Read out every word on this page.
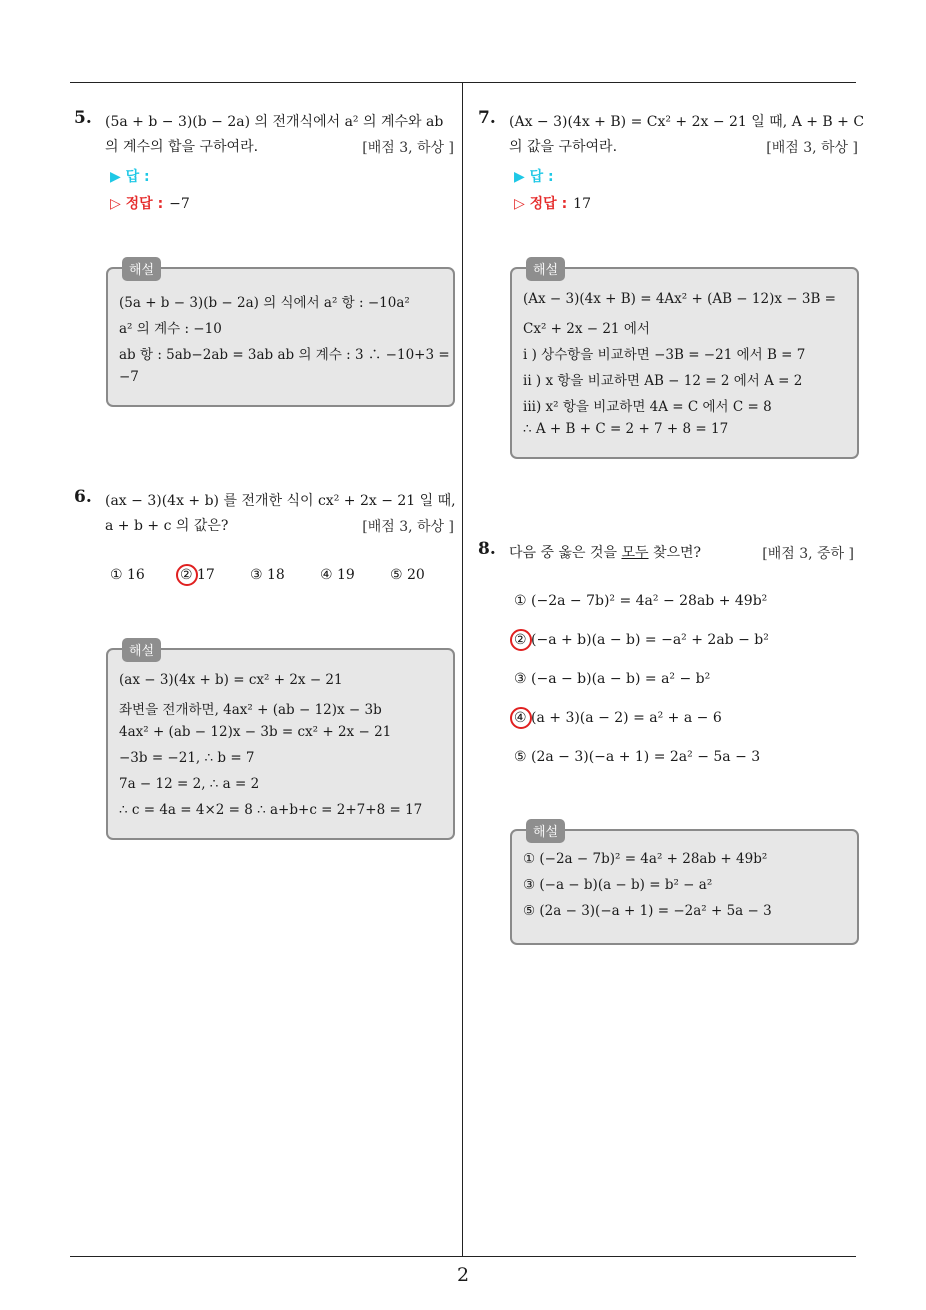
2
5. (5a + b − 3)(b − 2a) 의 전개식에서 a² 의 계수와 ab
의 계수의 합을 구하여라.	[배점 3, 하상 ]
▶ 답 :
▷ 정답 : −7
해설
(5a + b − 3)(b − 2a) 의 식에서 a² 항 : −10a²
a² 의 계수 : −10
ab 항 : 5ab−2ab = 3ab ab 의 계수 : 3 ∴ −10+3 =
−7
6. (ax − 3)(4x + b) 를 전개한 식이 cx² + 2x − 21 일 때,
a + b + c 의 값은?	[배점 3, 하상 ]
① 16	② 17	③ 18	④ 19	⑤ 20
해설
(ax − 3)(4x + b) = cx² + 2x − 21
좌변을 전개하면, 4ax² + (ab − 12)x − 3b
4ax² + (ab − 12)x − 3b = cx² + 2x − 21
−3b = −21, ∴ b = 7
7a − 12 = 2, ∴ a = 2
∴ c = 4a = 4×2 = 8 ∴ a+b+c = 2+7+8 = 17
7. (Ax − 3)(4x + B) = Cx² + 2x − 21 일 때, A + B + C
의 값을 구하여라.	[배점 3, 하상 ]
▶ 답 :
▷ 정답 : 17
해설
(Ax − 3)(4x + B) = 4Ax² + (AB − 12)x − 3B =
Cx² + 2x − 21 에서
i ) 상수항을 비교하면 −3B = −21 에서 B = 7
ii ) x 항을 비교하면 AB − 12 = 2 에서 A = 2
iii) x² 항을 비교하면 4A = C 에서 C = 8
∴ A + B + C = 2 + 7 + 8 = 17
8. 다음 중 옳은 것을 모두 찾으면?	[배점 3, 중하 ]
① (−2a − 7b)² = 4a² − 28ab + 49b²
② (−a + b)(a − b) = −a² + 2ab − b²
③ (−a − b)(a − b) = a² − b²
④ (a + 3)(a − 2) = a² + a − 6
⑤ (2a − 3)(−a + 1) = 2a² − 5a − 3
해설
① (−2a − 7b)² = 4a² + 28ab + 49b²
③ (−a − b)(a − b) = b² − a²
⑤ (2a − 3)(−a + 1) = −2a² + 5a − 3
